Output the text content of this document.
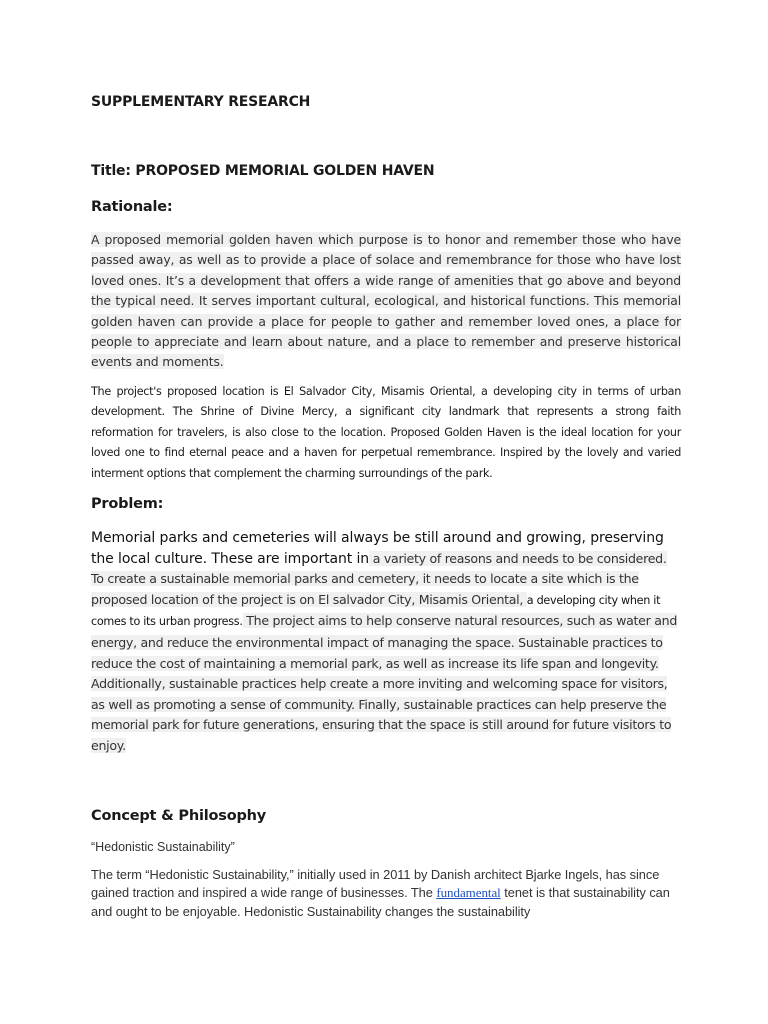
SUPPLEMENTARY RESEARCH
Title: PROPOSED MEMORIAL GOLDEN HAVEN
Rationale:
A proposed memorial golden haven which purpose is to honor and remember those who have passed away, as well as to provide a place of solace and remembrance for those who have lost loved ones. It’s a development that offers a wide range of amenities that go above and beyond the typical need. It serves important cultural, ecological, and historical functions. This memorial golden haven can provide a place for people to gather and remember loved ones, a place for people to appreciate and learn about nature, and a place to remember and preserve historical events and moments.
The project's proposed location is El Salvador City, Misamis Oriental, a developing city in terms of urban development. The Shrine of Divine Mercy, a significant city landmark that represents a strong faith reformation for travelers, is also close to the location. Proposed Golden Haven is the ideal location for your loved one to find eternal peace and a haven for perpetual remembrance. Inspired by the lovely and varied interment options that complement the charming surroundings of the park.
Problem:
Memorial parks and cemeteries will always be still around and growing, preserving the local culture. These are important in a variety of reasons and needs to be considered. To create a sustainable memorial parks and cemetery, it needs to locate a site which is the proposed location of the project is on El salvador City, Misamis Oriental, a developing city when it comes to its urban progress. The project aims to help conserve natural resources, such as water and energy, and reduce the environmental impact of managing the space. Sustainable practices to reduce the cost of maintaining a memorial park, as well as increase its life span and longevity. Additionally, sustainable practices help create a more inviting and welcoming space for visitors, as well as promoting a sense of community. Finally, sustainable practices can help preserve the memorial park for future generations, ensuring that the space is still around for future visitors to enjoy.
Concept & Philosophy
“Hedonistic Sustainability”
The term “Hedonistic Sustainability,” initially used in 2011 by Danish architect Bjarke Ingels, has since gained traction and inspired a wide range of businesses. The fundamental tenet is that sustainability can and ought to be enjoyable. Hedonistic Sustainability changes the sustainability
